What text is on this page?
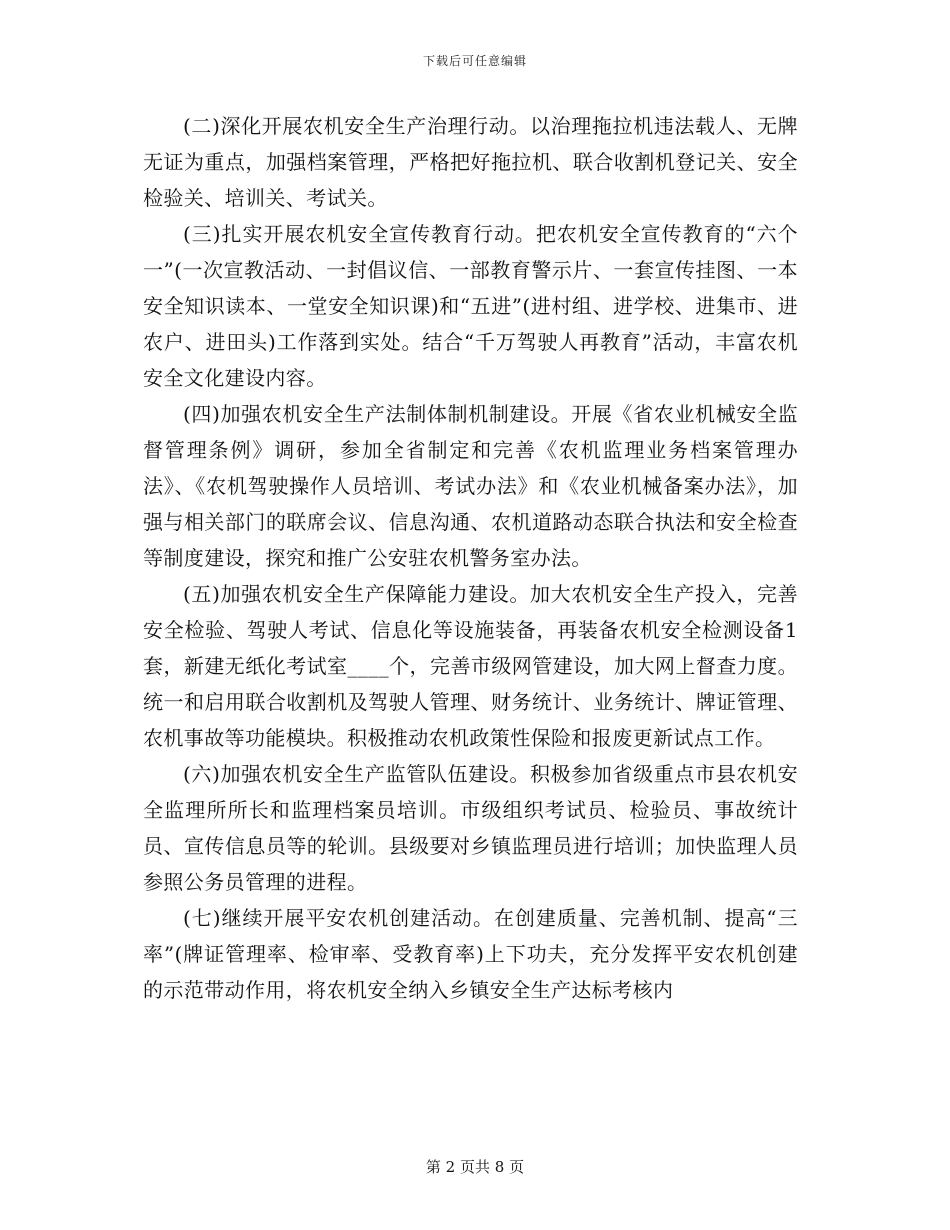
下载后可任意编辑

(二)深化开展农机安全生产治理行动。以治理拖拉机违法载人、无牌无证为重点，加强档案管理，严格把好拖拉机、联合收割机登记关、安全检验关、培训关、考试关。

(三)扎实开展农机安全宣传教育行动。把农机安全宣传教育的“六个一”(一次宣教活动、一封倡议信、一部教育警示片、一套宣传挂图、一本安全知识读本、一堂安全知识课)和“五进”(进村组、进学校、进集市、进农户、进田头)工作落到实处。结合“千万驾驶人再教育”活动，丰富农机安全文化建设内容。

(四)加强农机安全生产法制体制机制建设。开展《省农业机械安全监督管理条例》调研，参加全省制定和完善《农机监理业务档案管理办法》、《农机驾驶操作人员培训、考试办法》和《农业机械备案办法》，加强与相关部门的联席会议、信息沟通、农机道路动态联合执法和安全检查等制度建设，探究和推广公安驻农机警务室办法。

(五)加强农机安全生产保障能力建设。加大农机安全生产投入，完善安全检验、驾驶人考试、信息化等设施装备，再装备农机安全检测设备1套，新建无纸化考试室____个，完善市级网管建设，加大网上督查力度。统一和启用联合收割机及驾驶人管理、财务统计、业务统计、牌证管理、农机事故等功能模块。积极推动农机政策性保险和报废更新试点工作。

(六)加强农机安全生产监管队伍建设。积极参加省级重点市县农机安全监理所所长和监理档案员培训。市级组织考试员、检验员、事故统计员、宣传信息员等的轮训。县级要对乡镇监理员进行培训；加快监理人员参照公务员管理的进程。

(七)继续开展平安农机创建活动。在创建质量、完善机制、提高“三率”(牌证管理率、检审率、受教育率)上下功夫，充分发挥平安农机创建的示范带动作用，将农机安全纳入乡镇安全生产达标考核内

第 2 页共 8 页
